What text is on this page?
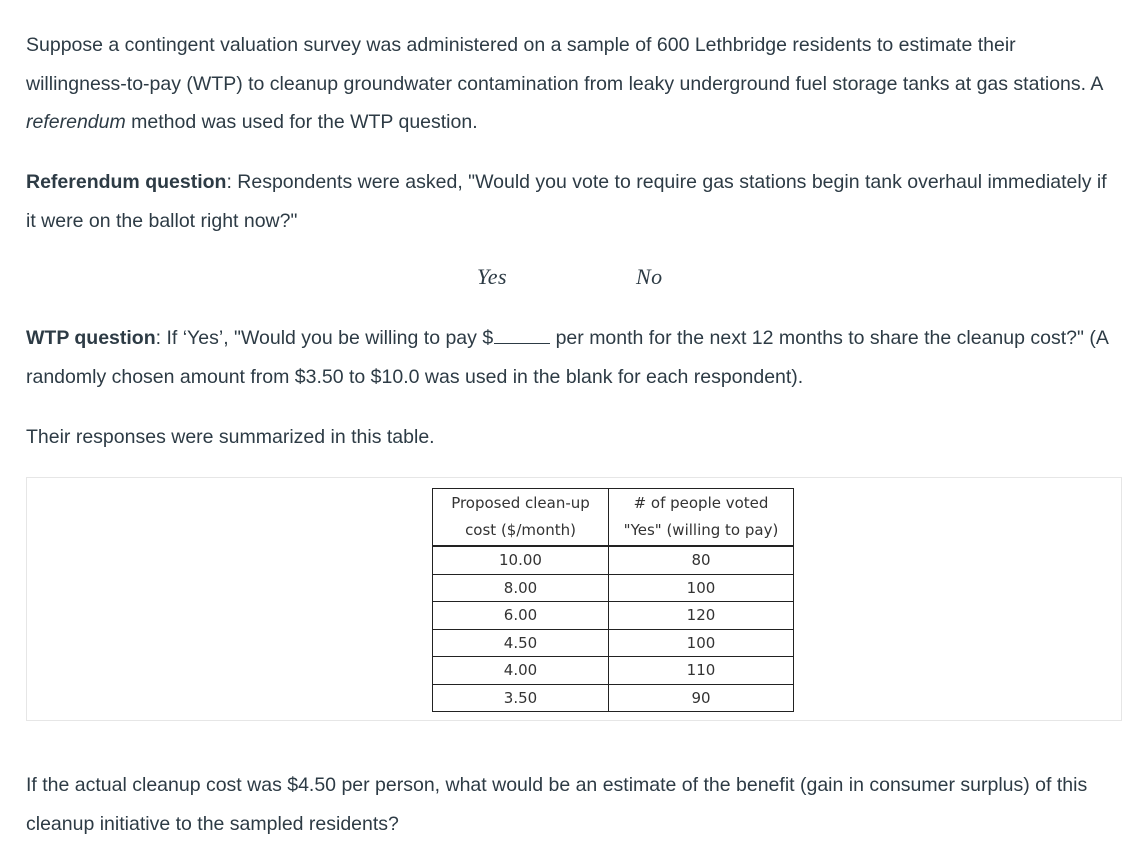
Suppose a contingent valuation survey was administered on a sample of 600 Lethbridge residents to estimate their willingness-to-pay (WTP) to cleanup groundwater contamination from leaky underground fuel storage tanks at gas stations. A referendum method was used for the WTP question.

Referendum question: Respondents were asked, "Would you vote to require gas stations begin tank overhaul immediately if it were on the ballot right now?"

Yes	No

WTP question: If ‘Yes’, "Would you be willing to pay $	per month for the next 12 months to share the cleanup cost?" (A randomly chosen amount from $3.50 to $10.0 was used in the blank for each respondent).

Their responses were summarized in this table.

Proposed clean-up
cost ($/month)	# of people voted
"Yes" (willing to pay)
10.00	80
8.00	100
6.00	120
4.50	100
4.00	110
3.50	90

If the actual cleanup cost was $4.50 per person, what would be an estimate of the benefit (gain in consumer surplus) of this cleanup initiative to the sampled residents?
